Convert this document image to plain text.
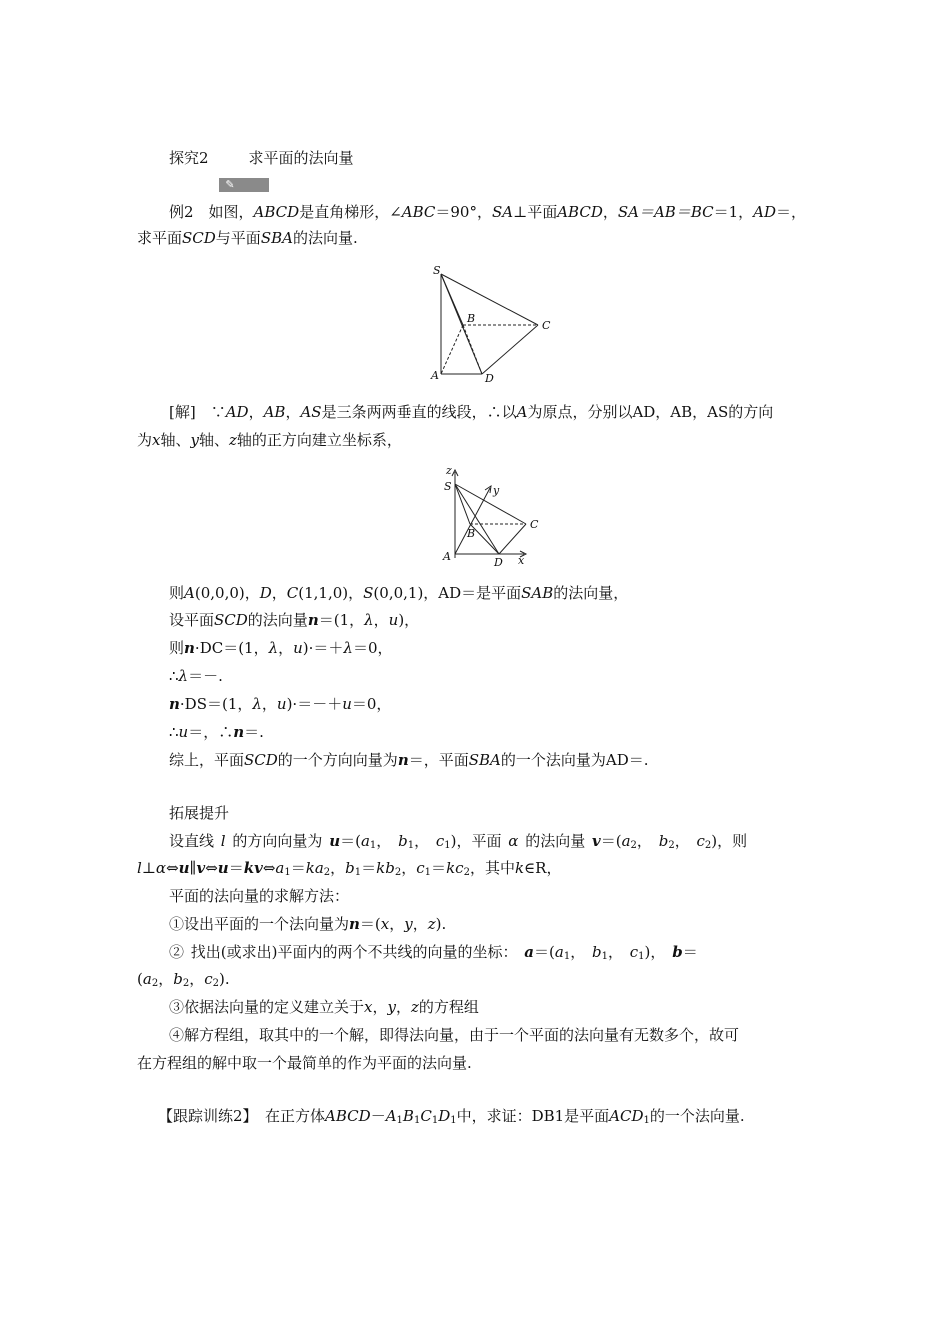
探究2	求平面的法向量
✎
例2　如图，ABCD是直角梯形，∠ABC＝90°，SA⊥平面ABCD，SA＝AB＝BC＝1，AD＝，
求平面SCD与平面SBA的法向量.
S
B
C
A	D
[解]　∵AD，AB，AS是三条两两垂直的线段，∴以A为原点，分别以AD，AB，AS的方向
为x轴、y轴、z轴的正方向建立坐标系，
z
y
x
S
B
C
A	D
则A(0,0,0)，D，C(1,1,0)，S(0,0,1)，AD＝是平面SAB的法向量，
设平面SCD的法向量n＝(1，λ，u)，
则n·DC＝(1，λ，u)·＝＋λ＝0，
∴λ＝－.
n·DS＝(1，λ，u)·＝－＋u＝0，
∴u＝，∴n＝.
综上，平面SCD的一个方向向量为n＝，平面SBA的一个法向量为AD＝.
拓展提升
设直线 l 的方向向量为 $u=(a_1$， $b_1$， $c_1$)，平面 α 的法向量 $v=(a_2$， $b_2$， $c_2$)，则
$l\perp\alpha\Leftrightarrow u\parallel v\Leftrightarrow u=kv\Leftrightarrow a_1=ka_2$，$b_1=kb_2$，$c_1=kc_2$，其中k∈R，
平面的法向量的求解方法：
①设出平面的一个法向量为n＝(x，y，z).
② 找出(或求出)平面内的两个不共线的向量的坐标： $a=(a_1$， $b_1$， $c_1$)， b＝
($a_2$，$b_2$，$c_2$).
③依据法向量的定义建立关于x，y，z的方程组
④解方程组，取其中的一个解，即得法向量，由于一个平面的法向量有无数多个，故可
在方程组的解中取一个最简单的作为平面的法向量.
【跟踪训练2】　在正方体$ABCD-A_1B_1C_1D_1$中，求证：DB1是平面$ACD_1$的一个法向量.
